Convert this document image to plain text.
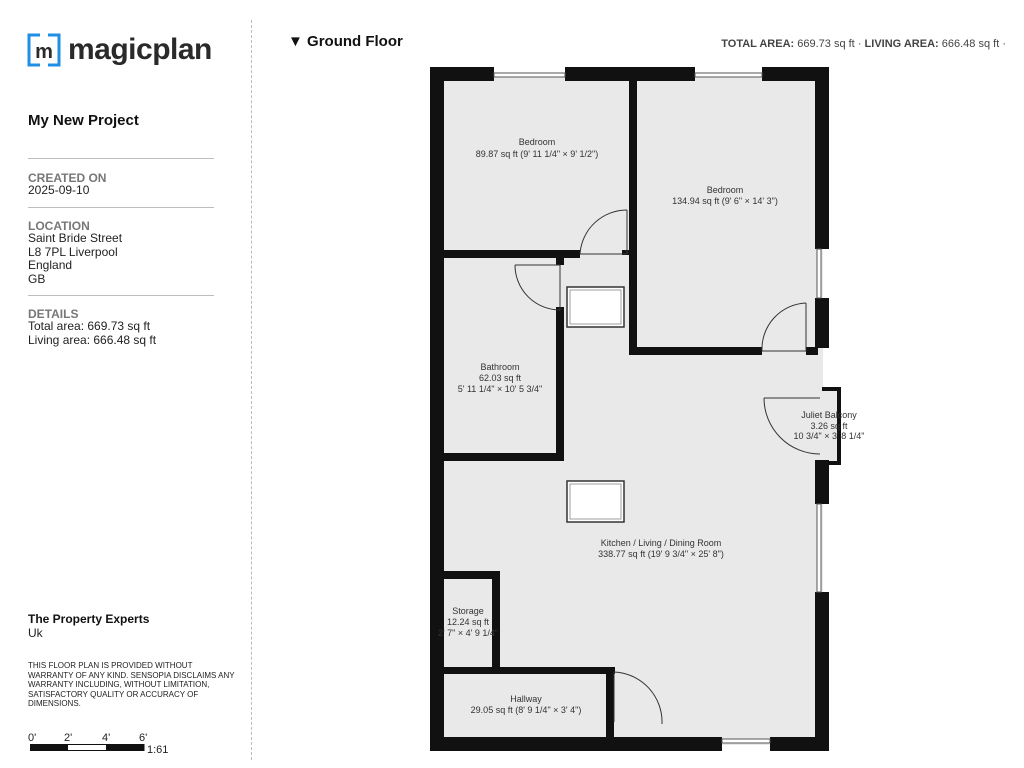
m magicplan
My New Project
CREATED ON
2025-09-10
LOCATION
Saint Bride Street
L8 7PL Liverpool
England
GB
DETAILS
Total area: 669.73 sq ft
Living area: 666.48 sq ft
The Property Experts
Uk
THIS FLOOR PLAN IS PROVIDED WITHOUT WARRANTY OF ANY KIND. SENSOPIA DISCLAIMS ANY WARRANTY INCLUDING, WITHOUT LIMITATION, SATISFACTORY QUALITY OR ACCURACY OF DIMENSIONS.
0'	2'	4'	6'
1:61
▼ Ground Floor	TOTAL AREA: 669.73 sq ft · LIVING AREA: 666.48 sq ft ·
Bedroom
89.87 sq ft (9' 11 1/4" × 9' 1/2")
Bedroom
134.94 sq ft (9' 6" × 14' 3")
Bathroom
62.03 sq ft
5' 11 1/4" × 10' 5 3/4"
Juliet Balcony
3.26 sq ft
10 3/4" × 3' 8 1/4"
Kitchen / Living / Dining Room
338.77 sq ft (19' 9 3/4" × 25' 8")
Storage
12.24 sq ft
2' 7" × 4' 9 1/4"
Hallway
29.05 sq ft (8' 9 1/4" × 3' 4")
